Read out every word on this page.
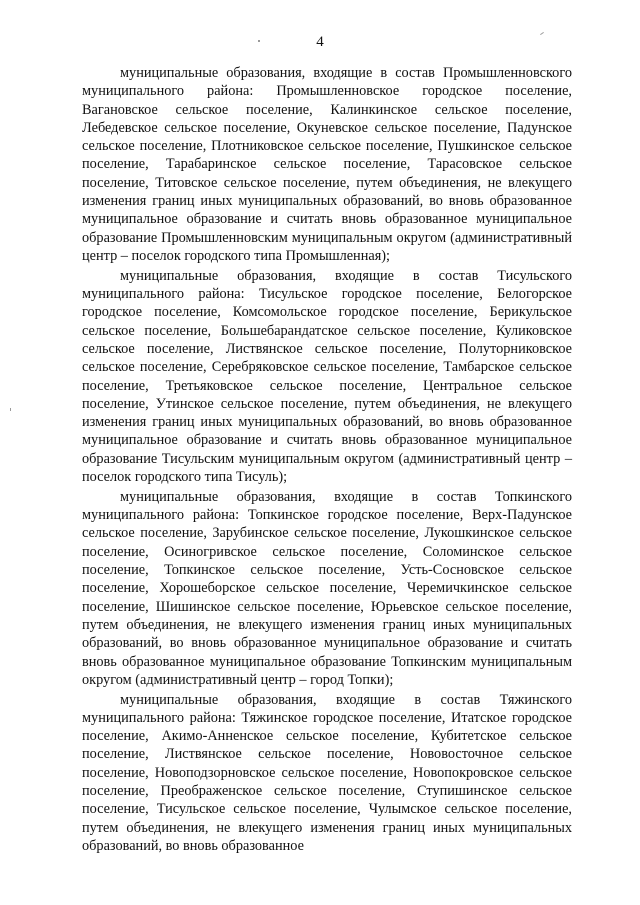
4

муниципальные образования, входящие в состав Промышленновского муниципального района: Промышленновское городское поселение, Вагановское сельское поселение, Калинкинское сельское поселение, Лебедевское сельское поселение, Окуневское сельское поселение, Падунское сельское поселение, Плотниковское сельское поселение, Пушкинское сельское поселение, Тарабаринское сельское поселение, Тарасовское сельское поселение, Титовское сельское поселение, путем объединения, не влекущего изменения границ иных муниципальных образований, во вновь образованное муниципальное образование и считать вновь образованное муниципальное образование Промышленновским муниципальным округом (административный центр – поселок городского типа Промышленная);

муниципальные образования, входящие в состав Тисульского муниципального района: Тисульское городское поселение, Белогорское городское поселение, Комсомольское городское поселение, Берикульское сельское поселение, Большебарандатское сельское поселение, Куликовское сельское поселение, Листвянское сельское поселение, Полуторниковское сельское поселение, Серебряковское сельское поселение, Тамбарское сельское поселение, Третьяковское сельское поселение, Центральное сельское поселение, Утинское сельское поселение, путем объединения, не влекущего изменения границ иных муниципальных образований, во вновь образованное муниципальное образование и считать вновь образованное муниципальное образование Тисульским муниципальным округом (административный центр – поселок городского типа Тисуль);

муниципальные образования, входящие в состав Топкинского муниципального района: Топкинское городское поселение, Верх-Падунское сельское поселение, Зарубинское сельское поселение, Лукошкинское сельское поселение, Осиногривское сельское поселение, Соломинское сельское поселение, Топкинское сельское поселение, Усть-Сосновское сельское поселение, Хорошеборское сельское поселение, Черемичкинское сельское поселение, Шишинское сельское поселение, Юрьевское сельское поселение, путем объединения, не влекущего изменения границ иных муниципальных образований, во вновь образованное муниципальное образование и считать вновь образованное муниципальное образование Топкинским муниципальным округом (административный центр – город Топки);

муниципальные образования, входящие в состав Тяжинского муниципального района: Тяжинское городское поселение, Итатское городское поселение, Акимо-Анненское сельское поселение, Кубитетское сельское поселение, Листвянское сельское поселение, Нововосточное сельское поселение, Новоподзорновское сельское поселение, Новопокровское сельское поселение, Преображенское сельское поселение, Ступишинское сельское поселение, Тисульское сельское поселение, Чулымское сельское поселение, путем объединения, не влекущего изменения границ иных муниципальных образований, во вновь образованное
